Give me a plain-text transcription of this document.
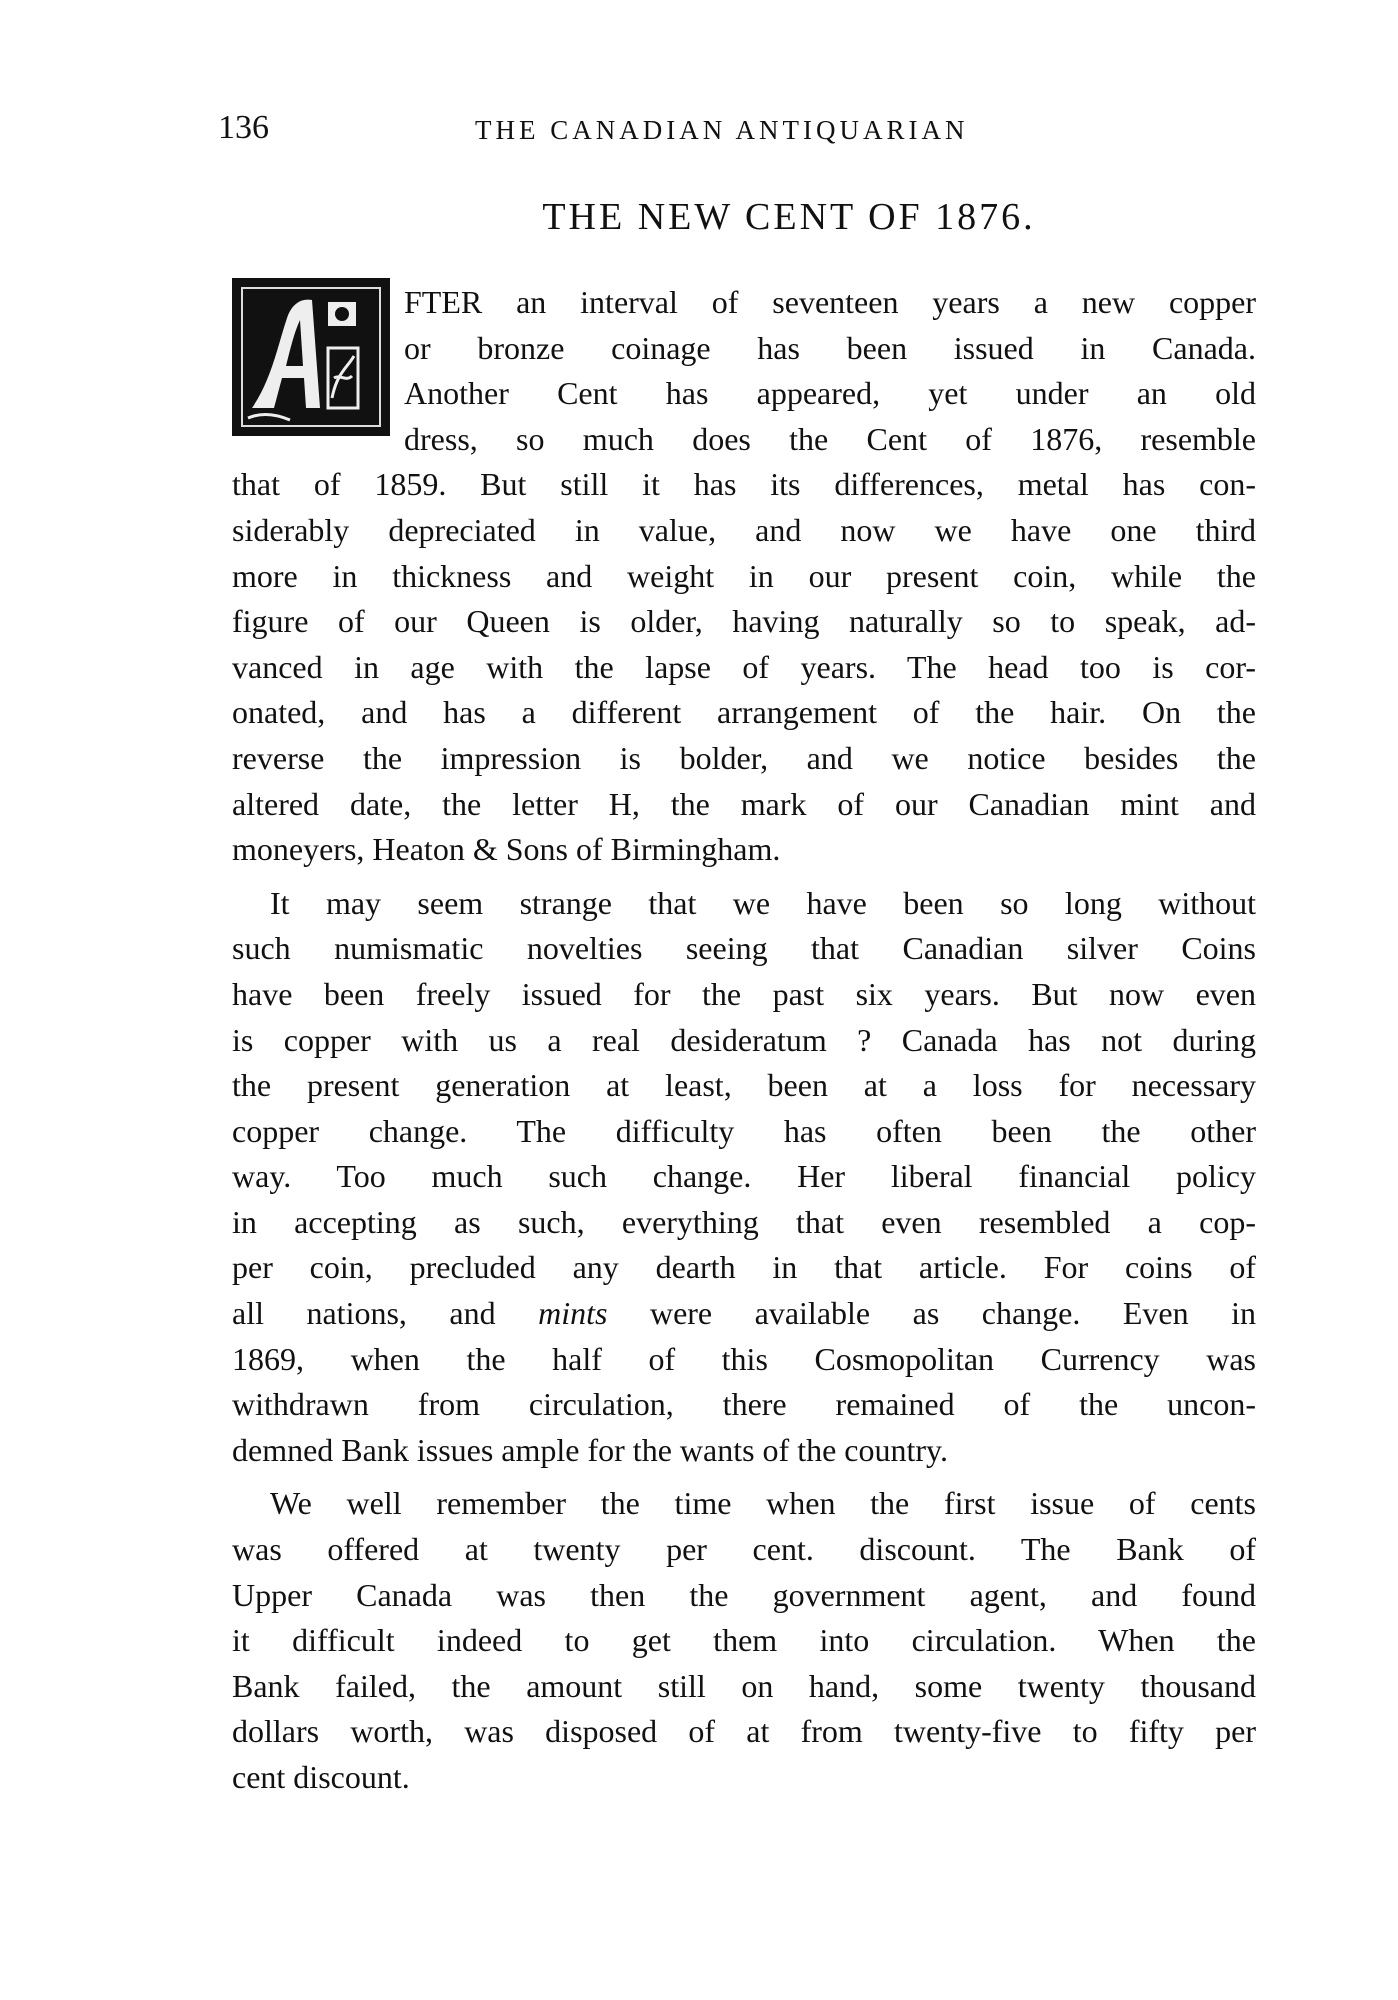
136	THE CANADIAN ANTIQUARIAN
THE NEW CENT OF 1876.
FTER an interval of seventeen years a new copper
or bronze coinage has been issued in Canada.
Another Cent has appeared, yet under an old
dress, so much does the Cent of 1876, resemble
that of 1859. But still it has its differences, metal has con-
siderably depreciated in value, and now we have one third
more in thickness and weight in our present coin, while the
figure of our Queen is older, having naturally so to speak, ad-
vanced in age with the lapse of years. The head too is cor-
onated, and has a different arrangement of the hair. On the
reverse the impression is bolder, and we notice besides the
altered date, the letter H, the mark of our Canadian mint and
moneyers, Heaton & Sons of Birmingham.
It may seem strange that we have been so long without
such numismatic novelties seeing that Canadian silver Coins
have been freely issued for the past six years. But now even
is copper with us a real desideratum ? Canada has not during
the present generation at least, been at a loss for necessary
copper change. The difficulty has often been the other
way. Too much such change. Her liberal financial policy
in accepting as such, everything that even resembled a cop-
per coin, precluded any dearth in that article. For coins of
all nations, and mints were available as change. Even in
1869, when the half of this Cosmopolitan Currency was
withdrawn from circulation, there remained of the uncon-
demned Bank issues ample for the wants of the country.
We well remember the time when the first issue of cents
was offered at twenty per cent. discount. The Bank of
Upper Canada was then the government agent, and found
it difficult indeed to get them into circulation. When the
Bank failed, the amount still on hand, some twenty thousand
dollars worth, was disposed of at from twenty-five to fifty per
cent discount.
